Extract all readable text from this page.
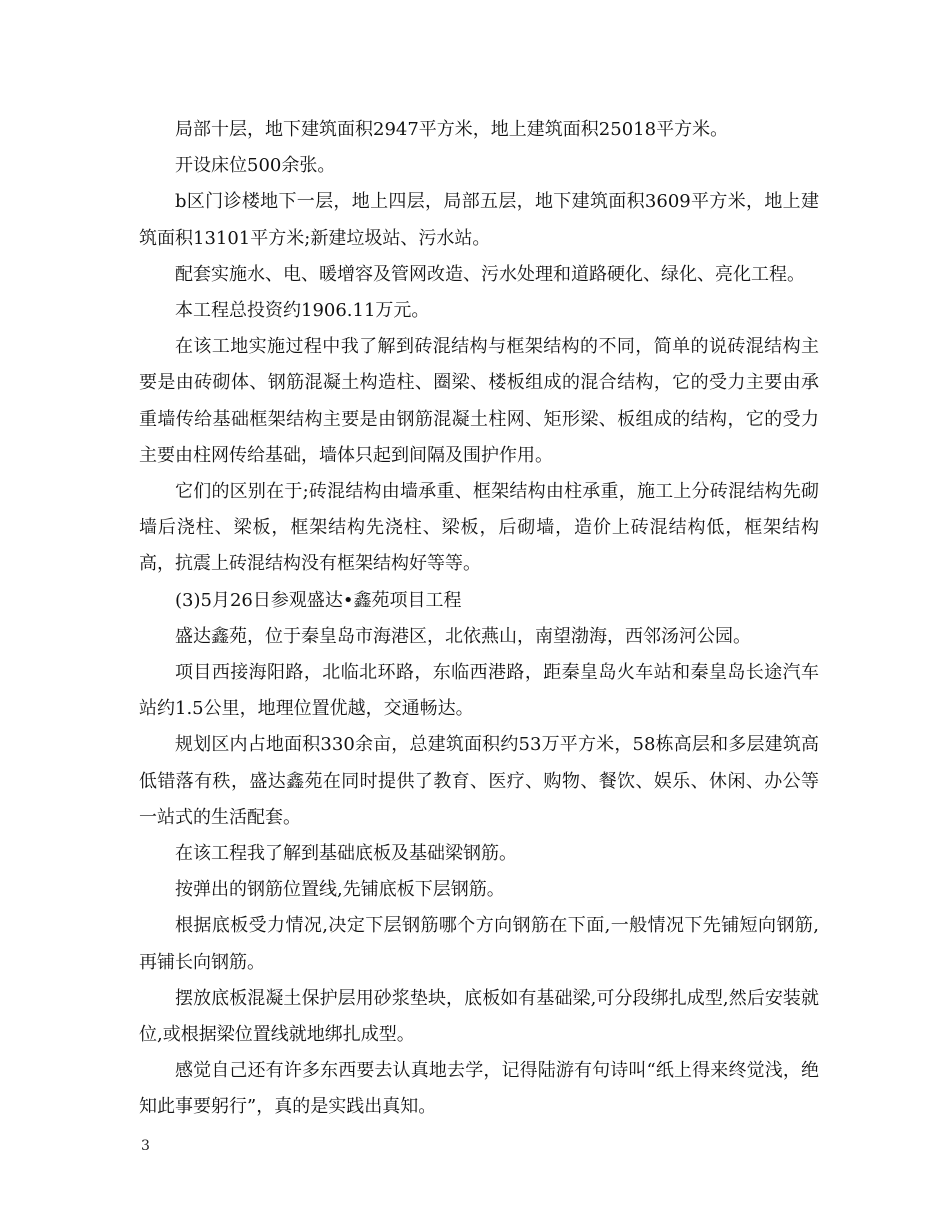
局部十层，地下建筑面积2947平方米，地上建筑面积25018平方米。

开设床位500余张。

b区门诊楼地下一层，地上四层，局部五层，地下建筑面积3609平方米，地上建筑面积13101平方米;新建垃圾站、污水站。

配套实施水、电、暖增容及管网改造、污水处理和道路硬化、绿化、亮化工程。

本工程总投资约1906.11万元。

在该工地实施过程中我了解到砖混结构与框架结构的不同，简单的说砖混结构主要是由砖砌体、钢筋混凝土构造柱、圈梁、楼板组成的混合结构，它的受力主要由承重墙传给基础框架结构主要是由钢筋混凝土柱网、矩形梁、板组成的结构，它的受力主要由柱网传给基础，墙体只起到间隔及围护作用。

它们的区别在于;砖混结构由墙承重、框架结构由柱承重，施工上分砖混结构先砌墙后浇柱、梁板，框架结构先浇柱、梁板，后砌墙，造价上砖混结构低，框架结构高，抗震上砖混结构没有框架结构好等等。

(3)5月26日参观盛达•鑫苑项目工程

盛达鑫苑，位于秦皇岛市海港区，北依燕山，南望渤海，西邻汤河公园。

项目西接海阳路，北临北环路，东临西港路，距秦皇岛火车站和秦皇岛长途汽车站约1.5公里，地理位置优越，交通畅达。

规划区内占地面积330余亩，总建筑面积约53万平方米，58栋高层和多层建筑高低错落有秩，盛达鑫苑在同时提供了教育、医疗、购物、餐饮、娱乐、休闲、办公等一站式的生活配套。

在该工程我了解到基础底板及基础梁钢筋。

按弹出的钢筋位置线,先铺底板下层钢筋。

根据底板受力情况,决定下层钢筋哪个方向钢筋在下面,一般情况下先铺短向钢筋,再铺长向钢筋。

摆放底板混凝土保护层用砂浆垫块，底板如有基础梁,可分段绑扎成型,然后安装就位,或根据梁位置线就地绑扎成型。

感觉自己还有许多东西要去认真地去学，记得陆游有句诗叫“纸上得来终觉浅，绝知此事要躬行”，真的是实践出真知。

3
